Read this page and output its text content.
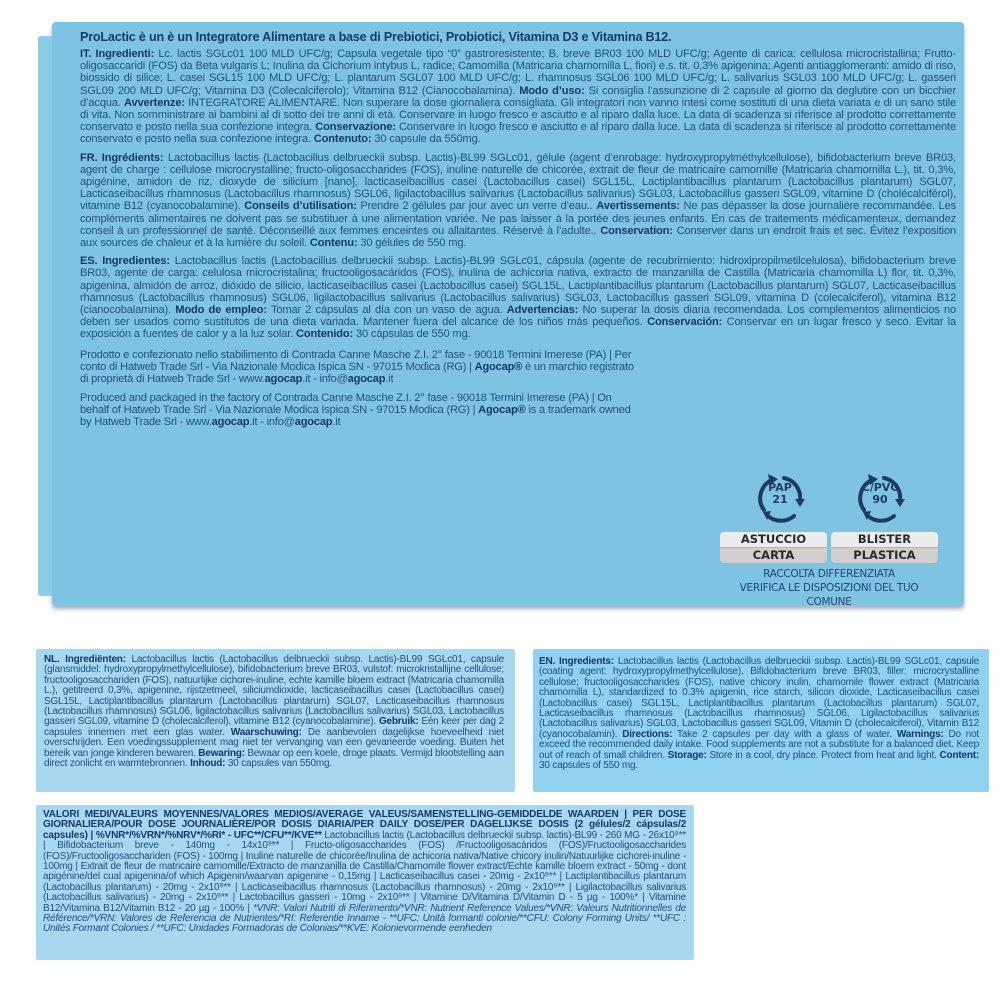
ProLactic è un è un Integratore Alimentare a base di Prebiotici, Probiotici, Vitamina D3 e Vitamina B12.

IT. Ingredienti: Lc. lactis SGLc01 100 MLD UFC/g; Capsula vegetale tipo “0” gastroresistente; B. breve BR03 100 MLD UFC/g; Agente di carica: cellulosa microcristallina; Frutto-oligosaccaridi (FOS) da Beta vulgaris L; Inulina da Cichorium intybus L, radice; Camomilla (Matricaria chamomilla L, fiori) e.s. tit. 0,3% apigenina; Agenti antiagglomeranti: amido di riso, biossido di silice; L. casei SGL15 100 MLD UFC/g; L. plantarum SGL07 100 MLD UFC/g; L. rhamnosus SGL06 100 MLD UFC/g; L. salivarius SGL03 100 MLD UFC/g; L. gasseri SGL09 200 MLD UFC/g; Vitamina D3 (Colecalciferolo); Vitamina B12 (Cianocobalamina). Modo d’uso: Si consiglia l’assunzione di 2 capsule al giorno da deglutire con un bicchier d’acqua. Avvertenze: INTEGRATORE ALIMENTARE. Non superare la dose giornaliera consigliata. Gli integratori non vanno intesi come sostituti di una dieta variata e di un sano stile di vita. Non somministrare ai bambini al di sotto dei tre anni di età. Conservare in luogo fresco e asciutto e al riparo dalla luce. La data di scadenza si riferisce al prodotto correttamente conservato e posto nella sua confezione integra. Conservazione: Conservare in luogo fresco e asciutto e al riparo dalla luce. La data di scadenza si riferisce al prodotto correttamente conservato e posto nella sua confezione integra. Contenuto: 30 capsule da 550mg.

FR. Ingrédients: Lactobacillus lactis (Lactobacillus delbrueckii subsp. Lactis)-BL99 SGLc01, gélule (agent d’enrobage: hydroxypropylméthylcellulose), bifidobacterium breve BR03, agent de charge : cellulose microcrystalline; fructo-oligosaccharides (FOS), inuline naturelle de chicorée, extrait de fleur de matricaire camomille (Matricaria chamomilla L.), tit. 0,3%, apigénine, amidon de riz, dioxyde de silicium [nano], lacticaseibacillus casei (Lactobacillus casei) SGL15L, Lactiplantibacillus plantarum (Lactobacillus plantarum) SGL07, Lacticaseibacillus rhamnosus (Lactobacillus rhamnosus) SGL06, ligilactobacillus salivarius (Lactobacillus salivarius) SGL03, Lactobacillus gasseri SGL09, vitamine D (cholécalciférol), vitamine B12 (cyanocobalamine). Conseils d’utilisation: Prendre 2 gélules par jour avec un verre d’eau.. Avertissements: Ne pas dépasser la dose journalière recommandée. Les compléments alimentaires ne doivent pas se substituer à une alimentation variée. Ne pas laisser à la portée des jeunes enfants. En cas de traitements médicamenteux, demandez conseil à un professionnel de santé. Déconseillé aux femmes enceintes ou allaitantes. Réservé à l’adulte.. Conservation: Conserver dans un endroit frais et sec. Évitez l’exposition aux sources de chaleur et à la lumière du soleil. Contenu: 30 gélules de 550 mg.

ES. Ingredientes: Lactobacillus lactis (Lactobacillus delbrueckii subsp. Lactis)-BL99 SGLc01, cápsula (agente de recubrimiento: hidroxipropilmetilcelulosa), bifidobacterium breve BR03, agente de carga: celulosa microcristalina; fructooligosacáridos (FOS), inulina de achicoria nativa, extracto de manzanilla de Castilla (Matricaria chamomilla L) flor, tit. 0,3%, apigenina, almidón de arroz, dióxido de silicio, lacticaseibacillus casei (Lactobacillus casei) SGL15L, Lactiplantibacillus plantarum (Lactobacillus plantarum) SGL07, Lacticaseibacillus rhamnosus (Lactobacillus rhamnosus) SGL06, ligilactobacillus salivarius (Lactobacillus salivarius) SGL03, Lactobacillus gasseri SGL09, vitamina D (colecalciferol), vitamina B12 (cianocobalamina). Modo de empleo: Tomar 2 cápsulas al día con un vaso de agua. Advertencias: No superar la dosis diaria recomendada. Los complementos alimenticios no deben ser usados como sustitutos de una dieta variada. Mantener fuera del alcance de los niños más pequeños. Conservación: Conservar en un lugar fresco y seco. Evitar la exposición a fuentes de calor y a la luz solar. Contenido: 30 cápsulas de 550 mg.

Prodotto e confezionato nello stabilimento di Contrada Canne Masche Z.I. 2° fase - 90018 Termini Imerese (PA) | Per conto di Hatweb Trade Srl - Via Nazionale Modica Ispica SN - 97015 Modica (RG) | Agocap® è un marchio registrato di proprietà di Hatweb Trade Srl - www.agocap.it - info@agocap.it
Produced and packaged in the factory of Contrada Canne Masche Z.I. 2° fase - 90018 Termini Imerese (PA) | On behalf of Hatweb Trade Srl - Via Nazionale Modica Ispica SN - 97015 Modica (RG) | Agocap® is a trademark owned by Hatweb Trade Srl - www.agocap.it - info@agocap.it
PAP
21
C/PVC
90
ASTUCCIO	BLISTER
CARTA	PLASTICA
RACCOLTA DIFFERENZIATA
VERIFICA LE DISPOSIZIONI DEL TUO COMUNE
NL. Ingrediënten: Lactobacillus lactis (Lactobacillus delbrueckii subsp. Lactis)-BL99 SGLc01, capsule (glansmiddel: hydroxypropylmethylcellulose), bifidobacterium breve BR03, vulstof: microkristallijne cellulose; fructooligosacchariden (FOS), natuurlijke cichorei-inuline, echte kamille bloem extract (Matricaria chamomilla L.), getitreerd 0,3%, apigenine, rijstzetmeel, siliciumdioxide, lacticaseibacillus casei (Lactobacillus casei) SGL15L, Lactiplantibacillus plantarum (Lactobacillus plantarum) SGL07, Lacticaseibacillus rhamnosus (Lactobacillus rhamnosus) SGL06, ligilactobacillus salivarius (Lactobacillus salivarius) SGL03, Lactobacillus gasseri SGL09, vitamine D (cholecalciferol), vitamine B12 (cyanocobalamine). Gebruik: Eén keer per dag 2 capsules innemen met een glas water. Waarschuwing: De aanbevolen dagelijkse hoeveelheid niet overschrijden. Een voedingssupplement mag niet ter vervanging van een gevarieerde voeding. Buiten het bereik van jonge kinderen bewaren. Bewaring: Bewaar op een koele, droge plaats. Vermijd blootstelling aan direct zonlicht en warmtebronnen. Inhoud: 30 capsules van 550mg.
EN. Ingredients: Lactobacillus lactis (Lactobacillus delbrueckii subsp. Lactis)-BL99 SGLc01, capsule (coating agent: hydroxypropylmethylcellulose), Bifidobacterium breve BR03, filler: microcrystalline cellulose; fructooligosaccharides (FOS), native chicory inulin, chamomile flower extract (Matricaria chamomilla L), standardized to 0.3% apigenin, rice starch, silicon dioxide, Lacticaseibacillus casei (Lactobacillus casei) SGL15L, Lactiplantibacillus plantarum (Lactobacillus plantarum) SGL07, Lacticaseibacillus rhamnosus (Lactobacillus rhamnosus) SGL06, Ligilactobacillus salivarius (Lactobacillus salivarius) SGL03, Lactobacillus gasseri SGL09, Vitamin D (cholecalciferol), Vitamin B12 (cyanocobalamin). Directions: Take 2 capsules per day with a glass of water. Warnings: Do not exceed the recommended daily intake. Food supplements are not a substitute for a balanced diet. Keep out of reach of small children. Storage: Store in a cool, dry place. Protect from heat and light. Content: 30 capsules of 550 mg.
VALORI MEDI/VALEURS MOYENNES/VALORES MEDIOS/AVERAGE VALEUS/SAMENSTELLING-GEMIDDELDE WAARDEN | PER DOSE GIORNALIERA/POUR DOSE JOURNALIÈRE/POR DOSIS DIARIA/PER DAILY DOSE/PER DAGELIJKSE DOSIS (2 gélules/2 cápsulas/2 capsules) | %VNR*/%VRN*/%NRV*/%RI* - UFC**/CFU**/KVE** Lactobacillus lactis (Lactobacillus delbrueckii subsp. lactis)-BL99 - 260 MG - 26x10⁹** | Bifidobacterium breve - 140mg - 14x10⁹** | Fructo-oligosaccharides (FOS) /Fructooligosacáridos (FOS)/Fructooligosaccharides (FOS)/Fructooligosacchariden (FOS) - 100mg | Inuline naturelle de chicorée/Inulina de achicoria nativa/Native chicory inulin/Natuurlijke cichorei-inuline - 100mg | Extrait de fleur de matricaire camomille/Extracto de manzanilla de Castilla/Chamomile flower extract/Echte kamille bloem extract - 50mg - dont apigénine/del cual apigenina/of which Apigenin/waarvan apigenine - 0,15mg | Lacticaseibacillus casei - 20mg - 2x10⁹** | Lactiplantibacillus plantarum (Lactobacillus plantarum) - 20mg - 2x10⁹** | Lacticaseibacillus rhamnosus (Lactobacillus rhamnosus) - 20mg - 2x10⁹** | Ligilactobacillus salivarius (Lactobacillus salivarius) - 20mg - 2x10⁹** | Lactobacillus gasseri - 10mg - 2x10⁹** | Vitamine D/Vitamina D/Vitamin D - 5 µg - 100%* | Vitamine B12/Vitamina B12/Vitamin B12 - 20 µg - 100% | *VNR: Valori Nutriti di Riferimento/*VNR: Nutrient Reference Values/*VNR: Valeurs Nutritionnelles de Référence/*VRN: Valores de Referencia de Nutrientes/*RI: Referentie Inname - **UFC: Unità formanti colonie/**CFU: Colony Forming Units/ **UFC : Unités Formant Colonies / **UFC: Unidades Formadoras de Colonias/**KVE: Kolonievormende eenheden
